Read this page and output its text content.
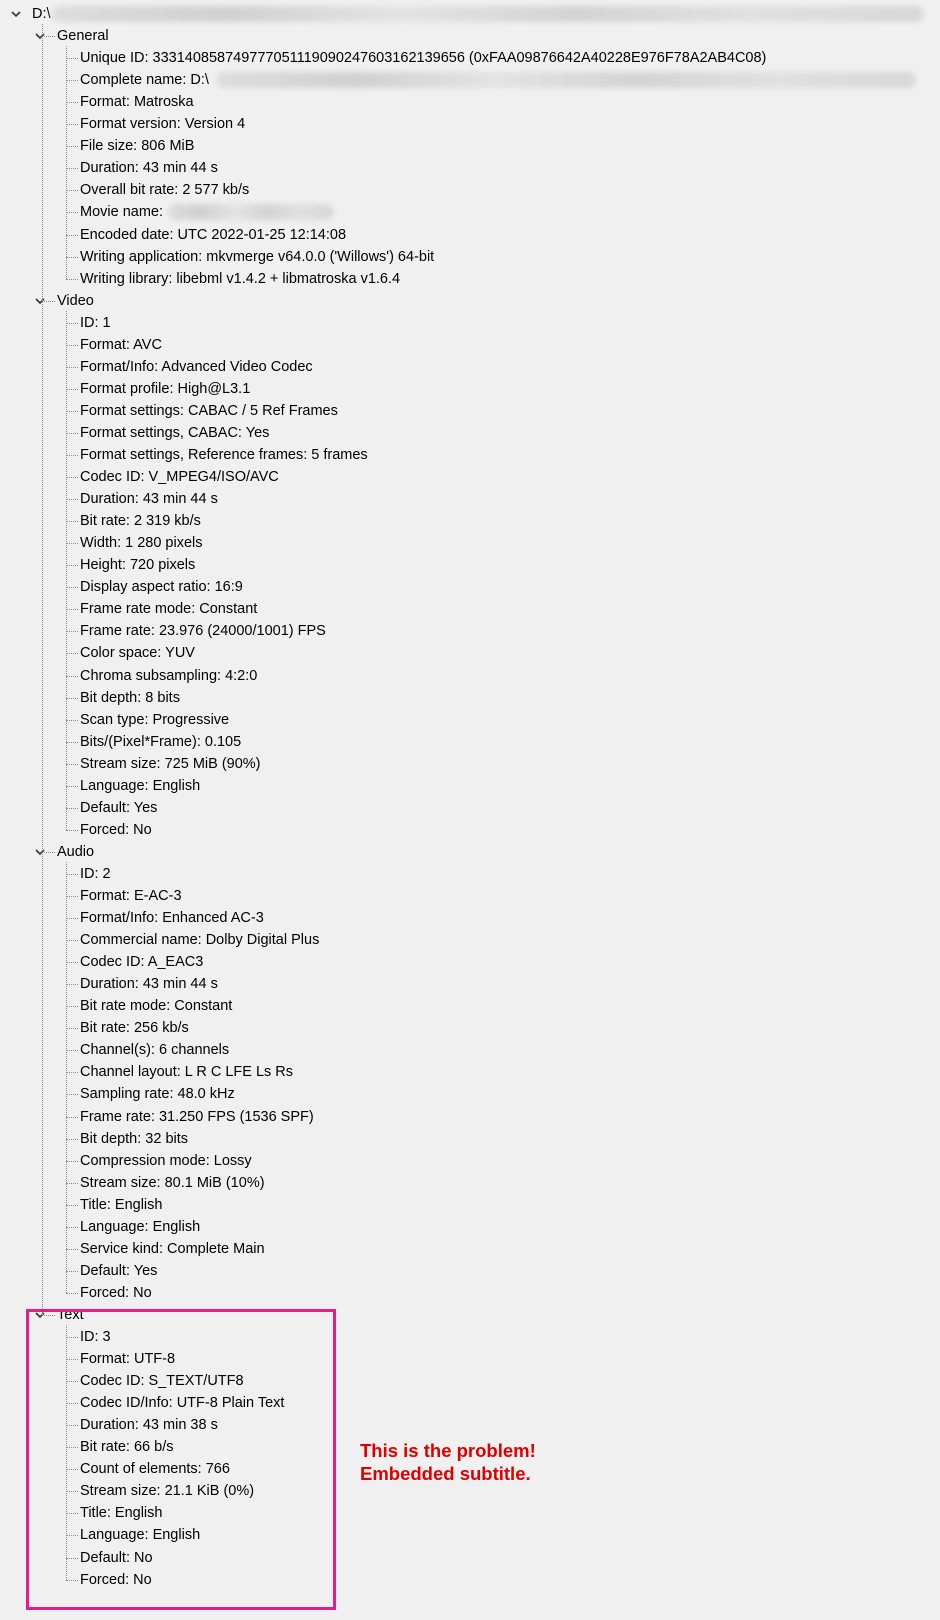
D:\
General
Unique ID: 333140858749777051119090247603162139656 (0xFAA09876642A40228E976F78A2AB4C08)
Complete name: D:\
Format: Matroska
Format version: Version 4
File size: 806 MiB
Duration: 43 min 44 s
Overall bit rate: 2 577 kb/s
Movie name:
Encoded date: UTC 2022-01-25 12:14:08
Writing application: mkvmerge v64.0.0 ('Willows') 64-bit
Writing library: libebml v1.4.2 + libmatroska v1.6.4
Video
ID: 1
Format: AVC
Format/Info: Advanced Video Codec
Format profile: High@L3.1
Format settings: CABAC / 5 Ref Frames
Format settings, CABAC: Yes
Format settings, Reference frames: 5 frames
Codec ID: V_MPEG4/ISO/AVC
Duration: 43 min 44 s
Bit rate: 2 319 kb/s
Width: 1 280 pixels
Height: 720 pixels
Display aspect ratio: 16:9
Frame rate mode: Constant
Frame rate: 23.976 (24000/1001) FPS
Color space: YUV
Chroma subsampling: 4:2:0
Bit depth: 8 bits
Scan type: Progressive
Bits/(Pixel*Frame): 0.105
Stream size: 725 MiB (90%)
Language: English
Default: Yes
Forced: No
Audio
ID: 2
Format: E-AC-3
Format/Info: Enhanced AC-3
Commercial name: Dolby Digital Plus
Codec ID: A_EAC3
Duration: 43 min 44 s
Bit rate mode: Constant
Bit rate: 256 kb/s
Channel(s): 6 channels
Channel layout: L R C LFE Ls Rs
Sampling rate: 48.0 kHz
Frame rate: 31.250 FPS (1536 SPF)
Bit depth: 32 bits
Compression mode: Lossy
Stream size: 80.1 MiB (10%)
Title: English
Language: English
Service kind: Complete Main
Default: Yes
Forced: No
Text
ID: 3
Format: UTF-8
Codec ID: S_TEXT/UTF8
Codec ID/Info: UTF-8 Plain Text
Duration: 43 min 38 s
Bit rate: 66 b/s
Count of elements: 766
Stream size: 21.1 KiB (0%)
Title: English
Language: English
Default: No
Forced: No
This is the problem!
Embedded subtitle.
